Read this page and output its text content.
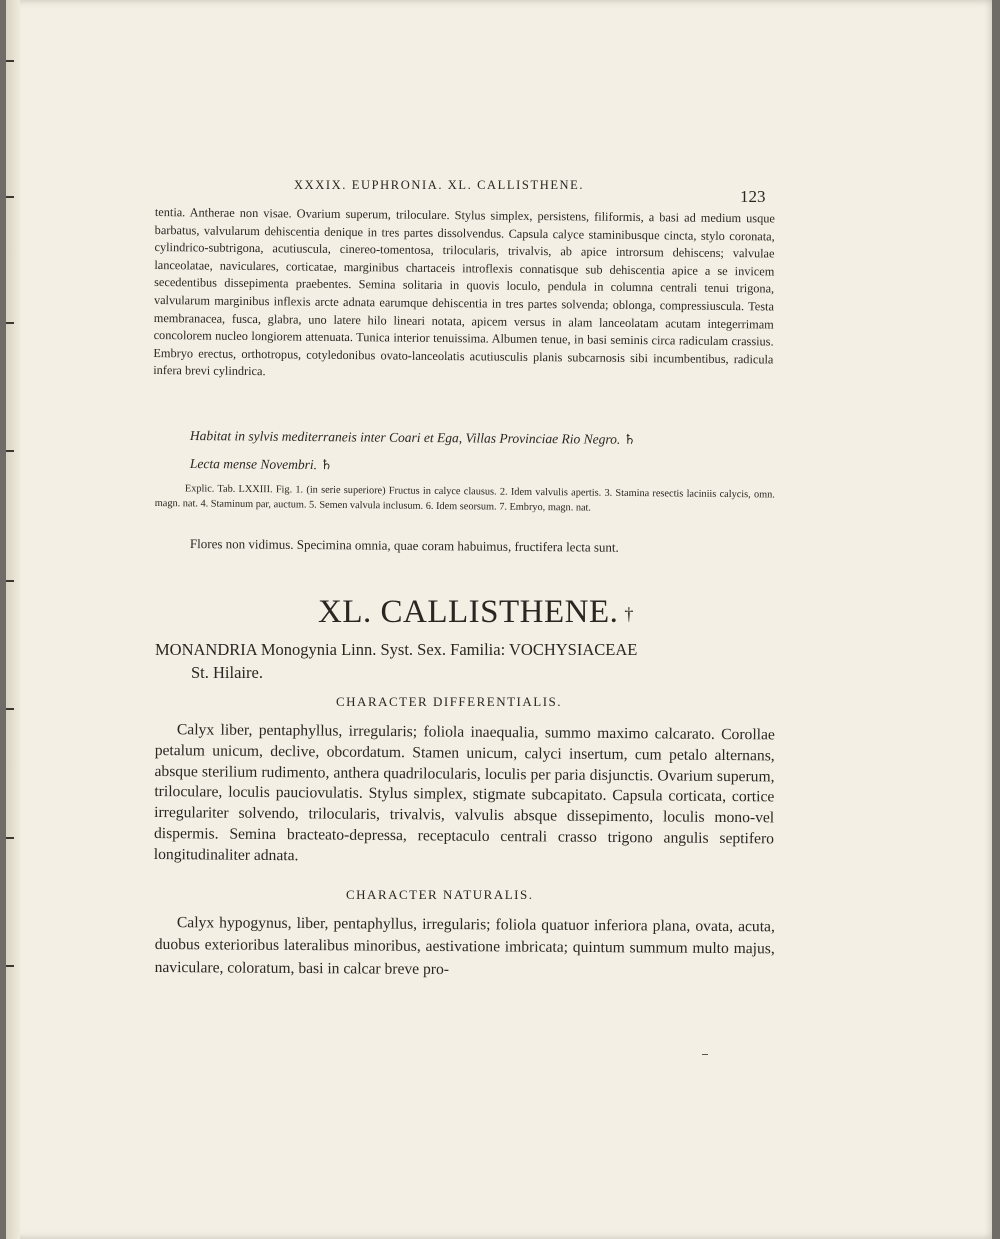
XXXIX. EUPHRONIA. XL. CALLISTHENE.
123
tentia. Antherae non visae. Ovarium superum, triloculare. Stylus simplex, persistens, filiformis, a basi ad medium usque barbatus, valvularum dehiscentia denique in tres partes dissolvendus. Capsula calyce staminibusque cincta, stylo coronata, cylindrico-subtrigona, acutiuscula, cinereo-tomentosa, trilocularis, trivalvis, ab apice introrsum dehiscens; valvulae lanceolatae, naviculares, corticatae, marginibus chartaceis introflexis connatisque sub dehiscentia apice a se invicem secedentibus dissepimenta praebentes. Semina solitaria in quovis loculo, pendula in columna centrali tenui trigona, valvularum marginibus inflexis arcte adnata earumque dehiscentia in tres partes solvenda; oblonga, compressiuscula. Testa membranacea, fusca, glabra, uno latere hilo lineari notata, apicem versus in alam lanceolatam acutam integerrimam concolorem nucleo longiorem attenuata. Tunica interior tenuissima. Albumen tenue, in basi seminis circa radiculam crassius. Embryo erectus, orthotropus, cotyledonibus ovato-lanceolatis acutiusculis planis subcarnosis sibi incumbentibus, radicula infera brevi cylindrica.
Habitat in sylvis mediterraneis inter Coari et Ega, Villas Provinciae Rio Negro. ♄
Lecta mense Novembri. ♄
Explic. Tab. LXXIII. Fig. 1. (in serie superiore) Fructus in calyce clausus. 2. Idem valvulis apertis. 3. Stamina resectis laciniis calycis, omn. magn. nat. 4. Staminum par, auctum. 5. Semen valvula inclusum. 6. Idem seorsum. 7. Embryo, magn. nat.
Flores non vidimus. Specimina omnia, quae coram habuimus, fructifera lecta sunt.
XL. CALLISTHENE. †
MONANDRIA Monogynia Linn. Syst. Sex. Familia: VOCHYSIACEAE
St. Hilaire.
CHARACTER DIFFERENTIALIS.
Calyx liber, pentaphyllus, irregularis; foliola inaequalia, summo maximo calcarato. Corollae petalum unicum, declive, obcordatum. Stamen unicum, calyci insertum, cum petalo alternans, absque sterilium rudimento, anthera quadrilocularis, loculis per paria disjunctis. Ovarium superum, triloculare, loculis pauciovulatis. Stylus simplex, stigmate subcapitato. Capsula corticata, cortice irregulariter solvendo, trilocularis, trivalvis, valvulis absque dissepimento, loculis mono-vel dispermis. Semina bracteato-depressa, receptaculo centrali crasso trigono angulis septifero longitudinaliter adnata.
CHARACTER NATURALIS.
Calyx hypogynus, liber, pentaphyllus, irregularis; foliola quatuor inferiora plana, ovata, acuta, duobus exterioribus lateralibus minoribus, aestivatione imbricata; quintum summum multo majus, naviculare, coloratum, basi in calcar breve pro-
